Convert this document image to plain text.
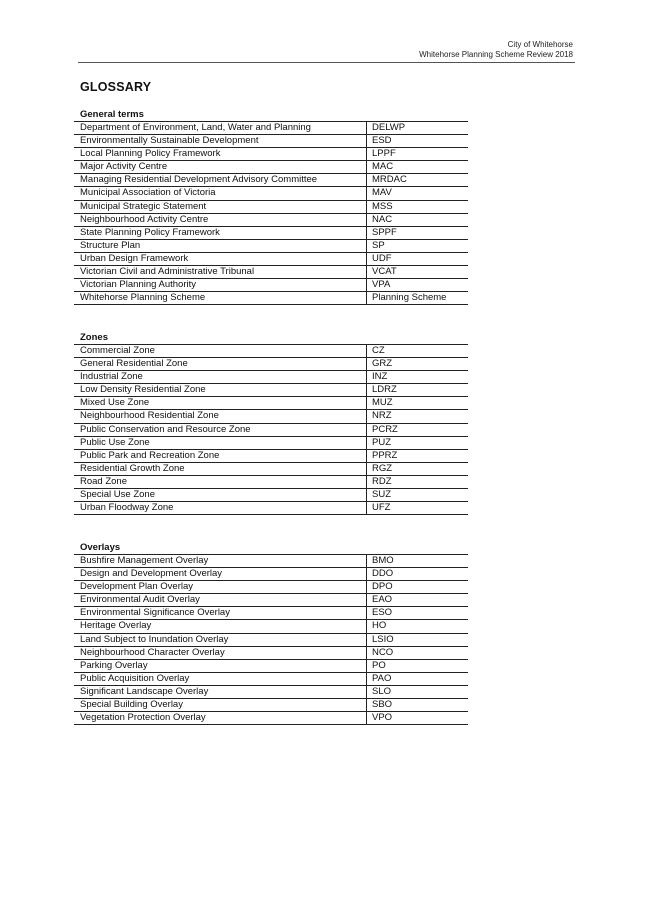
City of Whitehorse
Whitehorse Planning Scheme Review 2018
GLOSSARY
General terms
Department of Environment, Land, Water and Planning	DELWP
Environmentally Sustainable Development	ESD
Local Planning Policy Framework	LPPF
Major Activity Centre	MAC
Managing Residential Development Advisory Committee	MRDAC
Municipal Association of Victoria	MAV
Municipal Strategic Statement	MSS
Neighbourhood Activity Centre	NAC
State Planning Policy Framework	SPPF
Structure Plan	SP
Urban Design Framework	UDF
Victorian Civil and Administrative Tribunal	VCAT
Victorian Planning Authority	VPA
Whitehorse Planning Scheme	Planning Scheme
Zones
Commercial Zone	CZ
General Residential Zone	GRZ
Industrial Zone	INZ
Low Density Residential Zone	LDRZ
Mixed Use Zone	MUZ
Neighbourhood Residential Zone	NRZ
Public Conservation and Resource Zone	PCRZ
Public Use Zone	PUZ
Public Park and Recreation Zone	PPRZ
Residential Growth Zone	RGZ
Road Zone	RDZ
Special Use Zone	SUZ
Urban Floodway Zone	UFZ
Overlays
Bushfire Management Overlay	BMO
Design and Development Overlay	DDO
Development Plan Overlay	DPO
Environmental Audit Overlay	EAO
Environmental Significance Overlay	ESO
Heritage Overlay	HO
Land Subject to Inundation Overlay	LSIO
Neighbourhood Character Overlay	NCO
Parking Overlay	PO
Public Acquisition Overlay	PAO
Significant Landscape Overlay	SLO
Special Building Overlay	SBO
Vegetation Protection Overlay	VPO
